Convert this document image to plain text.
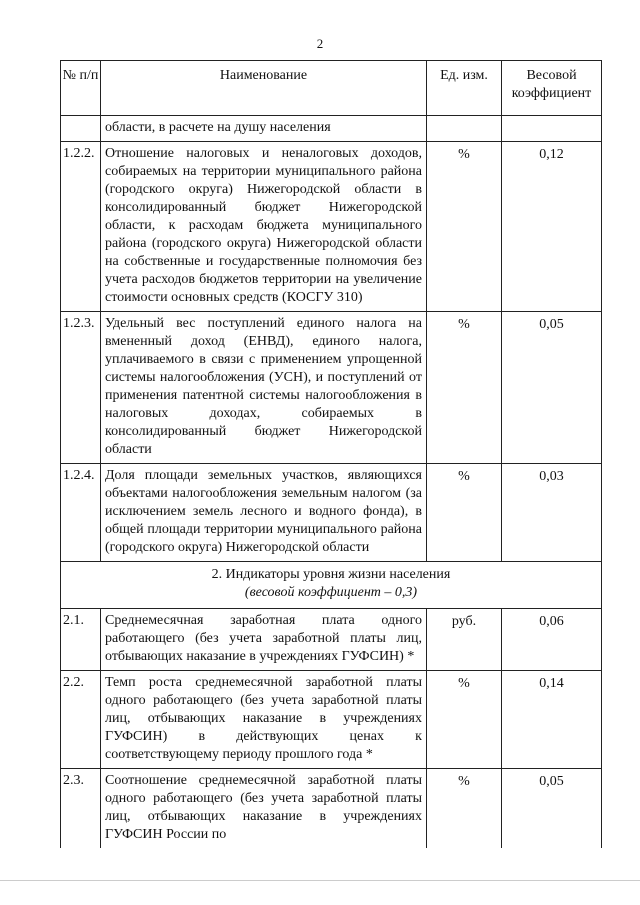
2
№ п/п	Наименование	Ед. изм.	Весовой коэффициент
	области, в расчете на душу населения		
1.2.2.	Отношение налоговых и неналоговых доходов, собираемых на территории муниципального района (городского округа) Нижегородской области в консолидированный бюджет Нижегородской области, к расходам бюджета муниципального района (городского округа) Нижегородской области на собственные и государственные полномочия без учета расходов бюджетов территории на увеличение стоимости основных средств (КОСГУ 310)	%	0,12
1.2.3.	Удельный вес поступлений единого налога на вмененный доход (ЕНВД), единого налога, уплачиваемого в связи с применением упрощенной системы налогообложения (УСН), и поступлений от применения патентной системы налогообложения в налоговых доходах, собираемых в консолидированный бюджет Нижегородской области	%	0,05
1.2.4.	Доля площади земельных участков, являющихся объектами налогообложения земельным налогом (за исключением земель лесного и водного фонда), в общей площади территории муниципального района (городского округа) Нижегородской области	%	0,03

2. Индикаторы уровня жизни населения
(весовой коэффициент – 0,3)			

2.1.	Среднемесячная заработная плата одного работающего (без учета заработной платы лиц, отбывающих наказание в учреждениях ГУФСИН) *	руб.	0,06
2.2.	Темп роста среднемесячной заработной платы одного работающего (без учета заработной платы лиц, отбывающих наказание в учреждениях ГУФСИН) в действующих ценах к соответствующему периоду прошлого года *	%	0,14
2.3.	Соотношение среднемесячной заработной платы одного работающего (без учета заработной платы лиц, отбывающих наказание в учреждениях ГУФСИН России по	%	0,05
